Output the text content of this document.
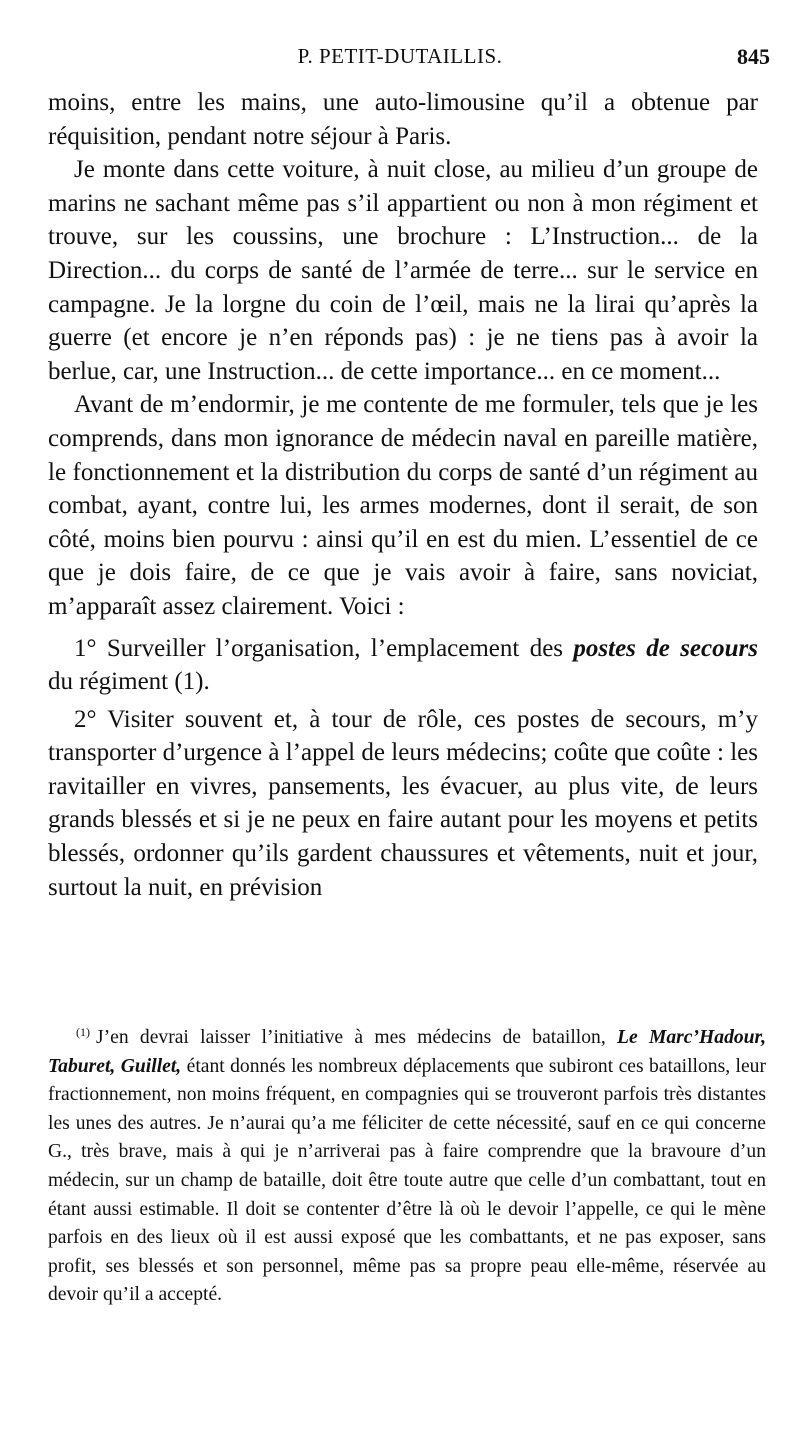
P. PETIT-DUTAILLIS.	845

moins, entre les mains, une auto-limousine qu’il a obtenue par réquisition, pendant notre séjour à Paris.

Je monte dans cette voiture, à nuit close, au milieu d’un groupe de marins ne sachant même pas s’il appartient ou non à mon régiment et trouve, sur les coussins, une brochure : L’Instruction... de la Direction... du corps de santé de l’armée de terre... sur le service en campagne. Je la lorgne du coin de l’œil, mais ne la lirai qu’après la guerre (et encore je n’en réponds pas) : je ne tiens pas à avoir la berlue, car, une Instruction... de cette importance... en ce moment...

Avant de m’endormir, je me contente de me formuler, tels que je les comprends, dans mon ignorance de médecin naval en pareille matière, le fonctionnement et la distribution du corps de santé d’un régiment au combat, ayant, contre lui, les armes modernes, dont il serait, de son côté, moins bien pourvu : ainsi qu’il en est du mien. L’essentiel de ce que je dois faire, de ce que je vais avoir à faire, sans noviciat, m’apparaît assez clairement. Voici :

1° Surveiller l’organisation, l’emplacement des postes de secours du régiment (1).

2° Visiter souvent et, à tour de rôle, ces postes de secours, m’y transporter d’urgence à l’appel de leurs médecins; coûte que coûte : les ravitailler en vivres, pansements, les évacuer, au plus vite, de leurs grands blessés et si je ne peux en faire autant pour les moyens et petits blessés, ordonner qu’ils gardent chaussures et vêtements, nuit et jour, surtout la nuit, en prévision

$^{(1)}$ J’en devrai laisser l’initiative à mes médecins de bataillon, Le Marc’Hadour, Taburet, Guillet, étant donnés les nombreux déplacements que subiront ces bataillons, leur fractionnement, non moins fréquent, en compagnies qui se trouveront parfois très distantes les unes des autres. Je n’aurai qu’a me féliciter de cette nécessité, sauf en ce qui concerne G., très brave, mais à qui je n’arriverai pas à faire comprendre que la bravoure d’un médecin, sur un champ de bataille, doit être toute autre que celle d’un combattant, tout en étant aussi estimable. Il doit se contenter d’être là où le devoir l’appelle, ce qui le mène parfois en des lieux où il est aussi exposé que les combattants, et ne pas exposer, sans profit, ses blessés et son personnel, même pas sa propre peau elle-même, réservée au devoir qu’il a accepté.
